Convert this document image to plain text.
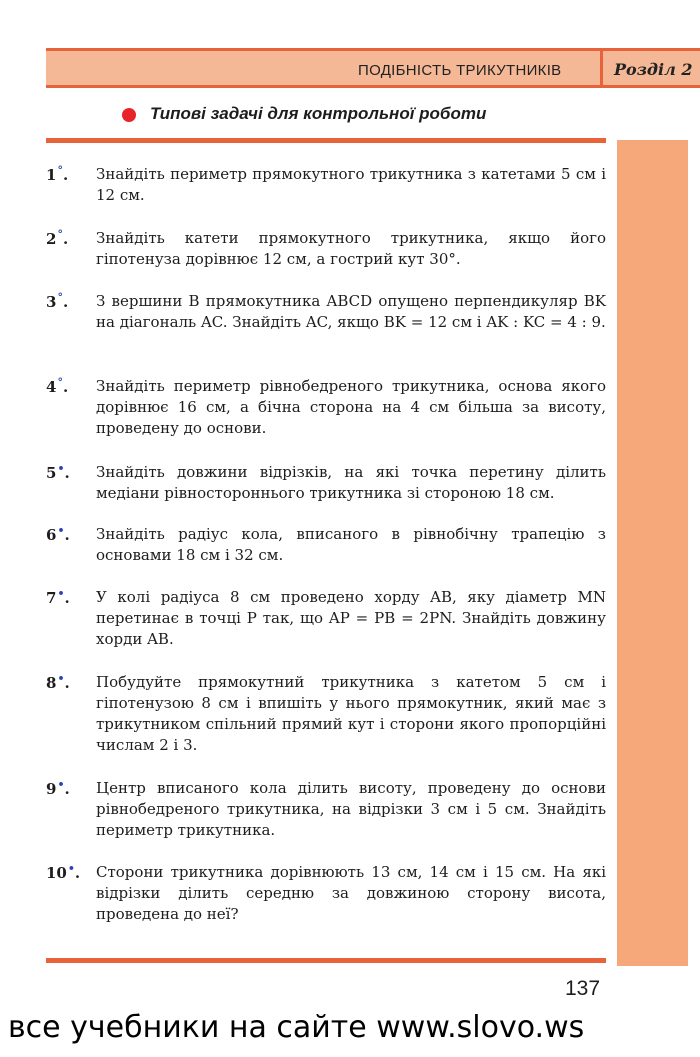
ПОДІБНІСТЬ ТРИКУТНИКІВ	Розділ 2
Типові задачі для контрольної роботи
1°. Знайдіть периметр прямокутного трикутника з катетами 5 см і 12 см.
2°. Знайдіть катети прямокутного трикутника, якщо його гіпотенуза дорівнює 12 см, а гострий кут 30°.
3°. З вершини B прямокутника ABCD опущено перпендикуляр BK на діагональ AC. Знайдіть AC, якщо BK = 12 см і AK : KC = 4 : 9.
4°. Знайдіть периметр рівнобедреного трикутника, основа якого дорівнює 16 см, а бічна сторона на 4 см більша за висоту, проведену до основи.
5•. Знайдіть довжини відрізків, на які точка перетину ділить медіани рівностороннього трикутника зі стороною 18 см.
6•. Знайдіть радіус кола, вписаного в рівнобічну трапецію з основами 18 см і 32 см.
7•. У колі радіуса 8 см проведено хорду AB, яку діаметр MN перетинає в точці P так, що AP = PB = 2PN. Знайдіть довжину хорди AB.
8•. Побудуйте прямокутний трикутника з катетом 5 см і гіпотенузою 8 см і впишіть у нього прямокутник, який має з трикутником спільний прямий кут і сторони якого пропорційні числам 2 і 3.
9•. Центр вписаного кола ділить висоту, проведену до основи рівнобедреного трикутника, на відрізки 3 см і 5 см. Знайдіть периметр трикутника.
10•. Сторони трикутника дорівнюють 13 см, 14 см і 15 см. На які відрізки ділить середню за довжиною сторону висота, проведена до неї?
137
все учебники на сайте www.slovo.ws
